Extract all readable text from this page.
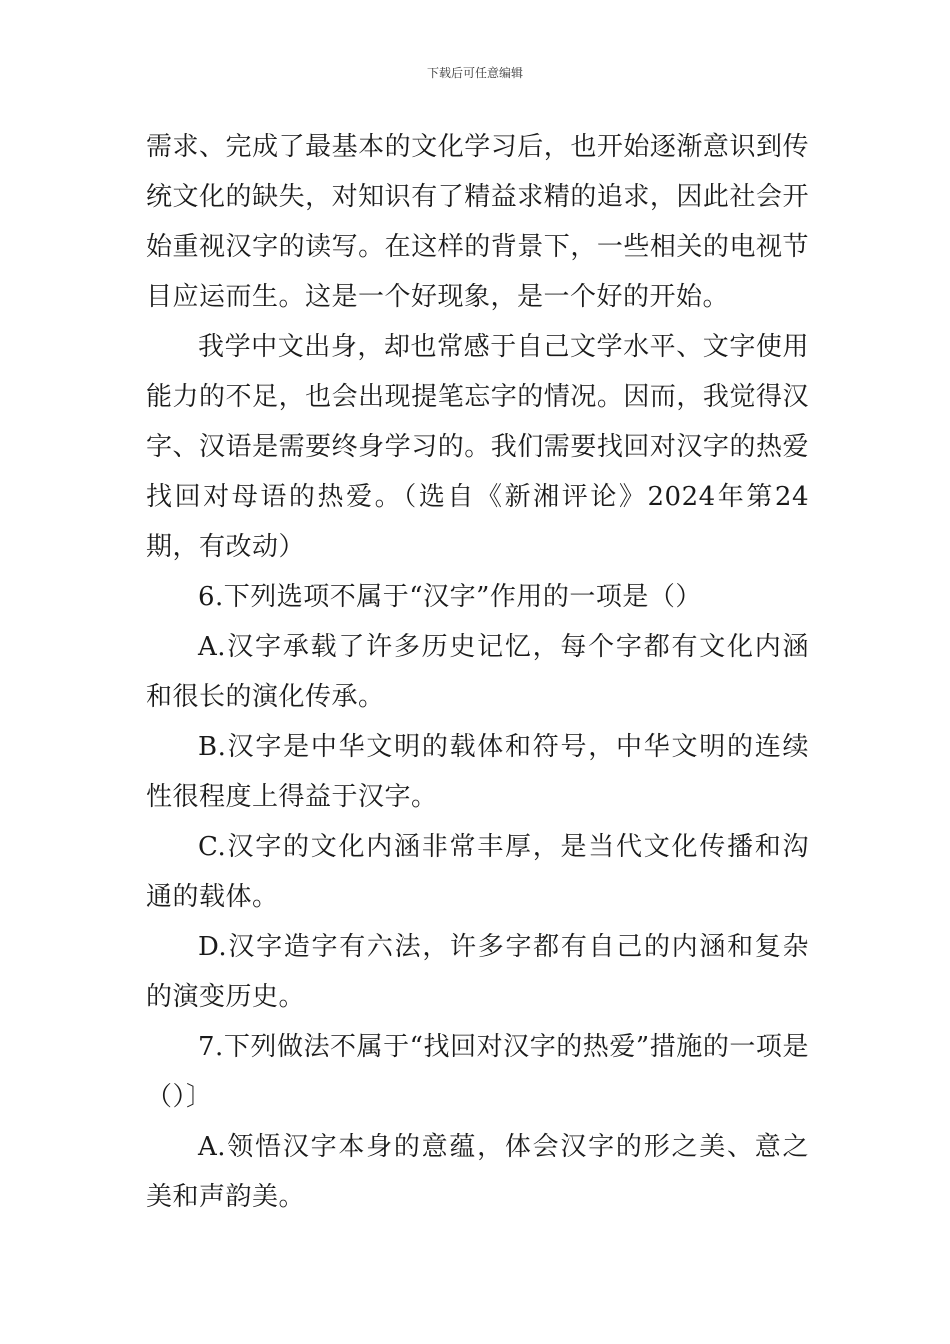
下载后可任意编辑

需求、完成了最基本的文化学习后，也开始逐渐意识到传统文化的缺失，对知识有了精益求精的追求，因此社会开始重视汉字的读写。在这样的背景下，一些相关的电视节目应运而生。这是一个好现象，是一个好的开始。

我学中文出身，却也常感于自己文学水平、文字使用能力的不足，也会出现提笔忘字的情况。因而，我觉得汉字、汉语是需要终身学习的。我们需要找回对汉字的热爱找回对母语的热爱。（选自《新湘评论》2024年第24期，有改动）

6.下列选项不属于“汉字”作用的一项是（）

A.汉字承载了许多历史记忆，每个字都有文化内涵和很长的演化传承。

B.汉字是中华文明的载体和符号，中华文明的连续性很程度上得益于汉字。

C.汉字的文化内涵非常丰厚，是当代文化传播和沟通的载体。

D.汉字造字有六法，许多字都有自己的内涵和复杂的演变历史。

7.下列做法不属于“找回对汉字的热爱”措施的一项是（）〕

A.领悟汉字本身的意蕴，体会汉字的形之美、意之美和声韵美。
